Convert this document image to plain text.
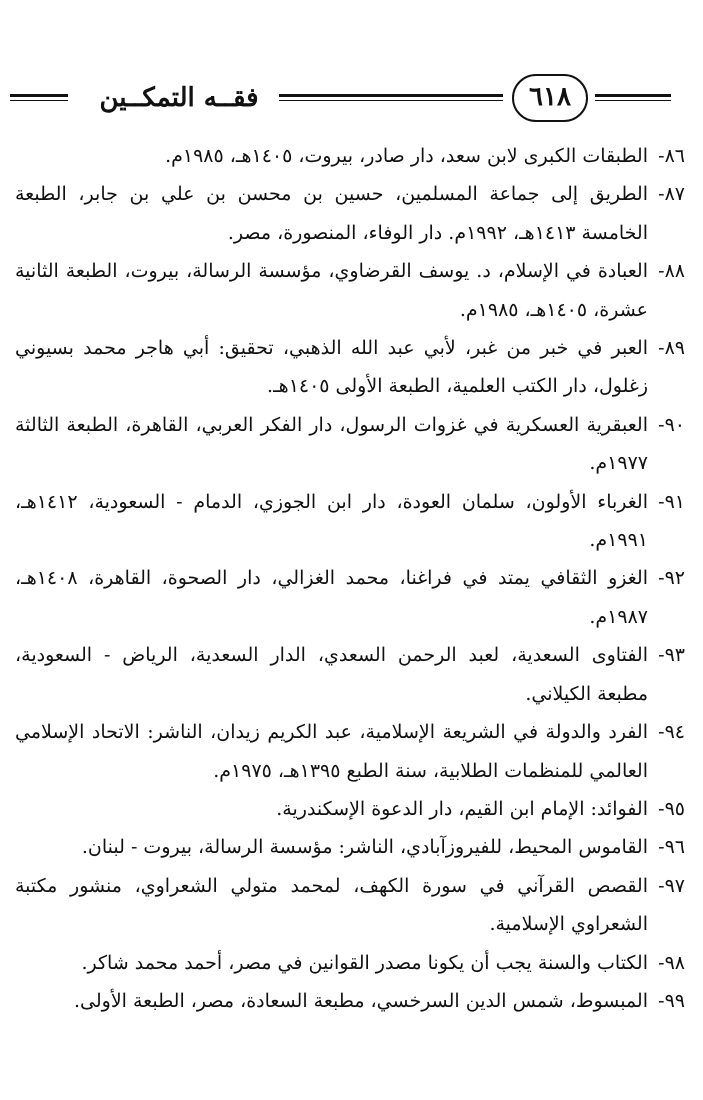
٦١٨
فقــه التمكــين
٨٦-الطبقات الكبرى لابن سعد، دار صادر، بيروت، ١٤٠٥هـ، ١٩٨٥م.
٨٧-الطريق إلى جماعة المسلمين، حسين بن محسن بن علي بن جابر، الطبعة الخامسة ١٤١٣هـ، ١٩٩٢م. دار الوفاء، المنصورة، مصر.
٨٨-العبادة في الإسلام، د. يوسف القرضاوي، مؤسسة الرسالة، بيروت، الطبعة الثانية عشرة، ١٤٠٥هـ، ١٩٨٥م.
٨٩-العبر في خبر من غبر، لأبي عبد الله الذهبي، تحقيق: أبي هاجر محمد بسيوني زغلول، دار الكتب العلمية، الطبعة الأولى ١٤٠٥هـ.
٩٠-العبقرية العسكرية في غزوات الرسول، دار الفكر العربي، القاهرة، الطبعة الثالثة ١٩٧٧م.
٩١-الغرباء الأولون، سلمان العودة، دار ابن الجوزي، الدمام - السعودية، ١٤١٢هـ، ١٩٩١م.
٩٢-الغزو الثقافي يمتد في فراغنا، محمد الغزالي، دار الصحوة، القاهرة، ١٤٠٨هـ، ١٩٨٧م.
٩٣-الفتاوى السعدية، لعبد الرحمن السعدي، الدار السعدية، الرياض - السعودية، مطبعة الكيلاني.
٩٤-الفرد والدولة في الشريعة الإسلامية، عبد الكريم زيدان، الناشر: الاتحاد الإسلامي العالمي للمنظمات الطلابية، سنة الطبع ١٣٩٥هـ، ١٩٧٥م.
٩٥-الفوائد: الإمام ابن القيم، دار الدعوة الإسكندرية.
٩٦-القاموس المحيط، للفيروزآبادي، الناشر: مؤسسة الرسالة، بيروت - لبنان.
٩٧-القصص القرآني في سورة الكهف، لمحمد متولي الشعراوي، منشور مكتبة الشعراوي الإسلامية.
٩٨-الكتاب والسنة يجب أن يكونا مصدر القوانين في مصر، أحمد محمد شاكر.
٩٩-المبسوط، شمس الدين السرخسي، مطبعة السعادة، مصر، الطبعة الأولى.
